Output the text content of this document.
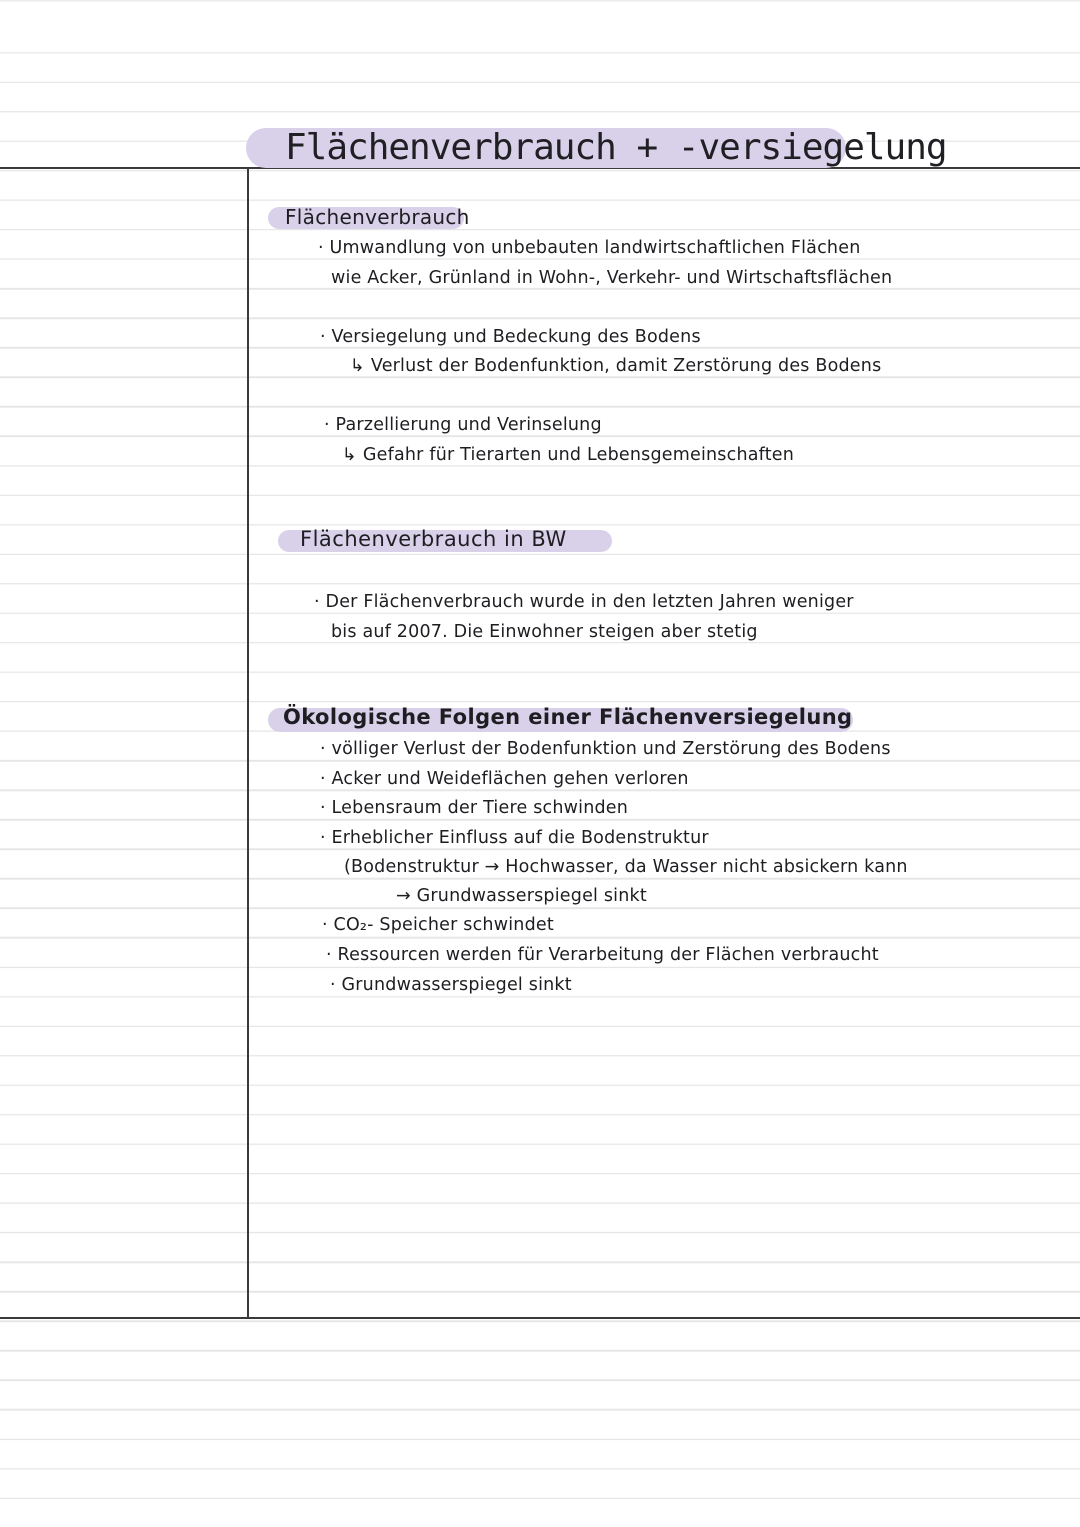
Flächenverbrauch + -versiegelung
Flächenverbrauch
· Umwandlung von unbebauten landwirtschaftlichen Flächen
wie Acker, Grünland in Wohn-, Verkehr- und Wirtschaftsflächen
· Versiegelung und Bedeckung des Bodens
↳ Verlust der Bodenfunktion, damit Zerstörung des Bodens
· Parzellierung und Verinselung
↳ Gefahr für Tierarten und Lebensgemeinschaften
Flächenverbrauch in BW
· Der Flächenverbrauch wurde in den letzten Jahren weniger
bis auf 2007. Die Einwohner steigen aber stetig
Ökologische Folgen einer Flächenversiegelung
· völliger Verlust der Bodenfunktion und Zerstörung des Bodens
· Acker und Weideflächen gehen verloren
· Lebensraum der Tiere schwinden
· Erheblicher Einfluss auf die Bodenstruktur
(Bodenstruktur → Hochwasser, da Wasser nicht absickern kann
→ Grundwasserspiegel sinkt
· CO₂- Speicher schwindet
· Ressourcen werden für Verarbeitung der Flächen verbraucht
· Grundwasserspiegel sinkt
